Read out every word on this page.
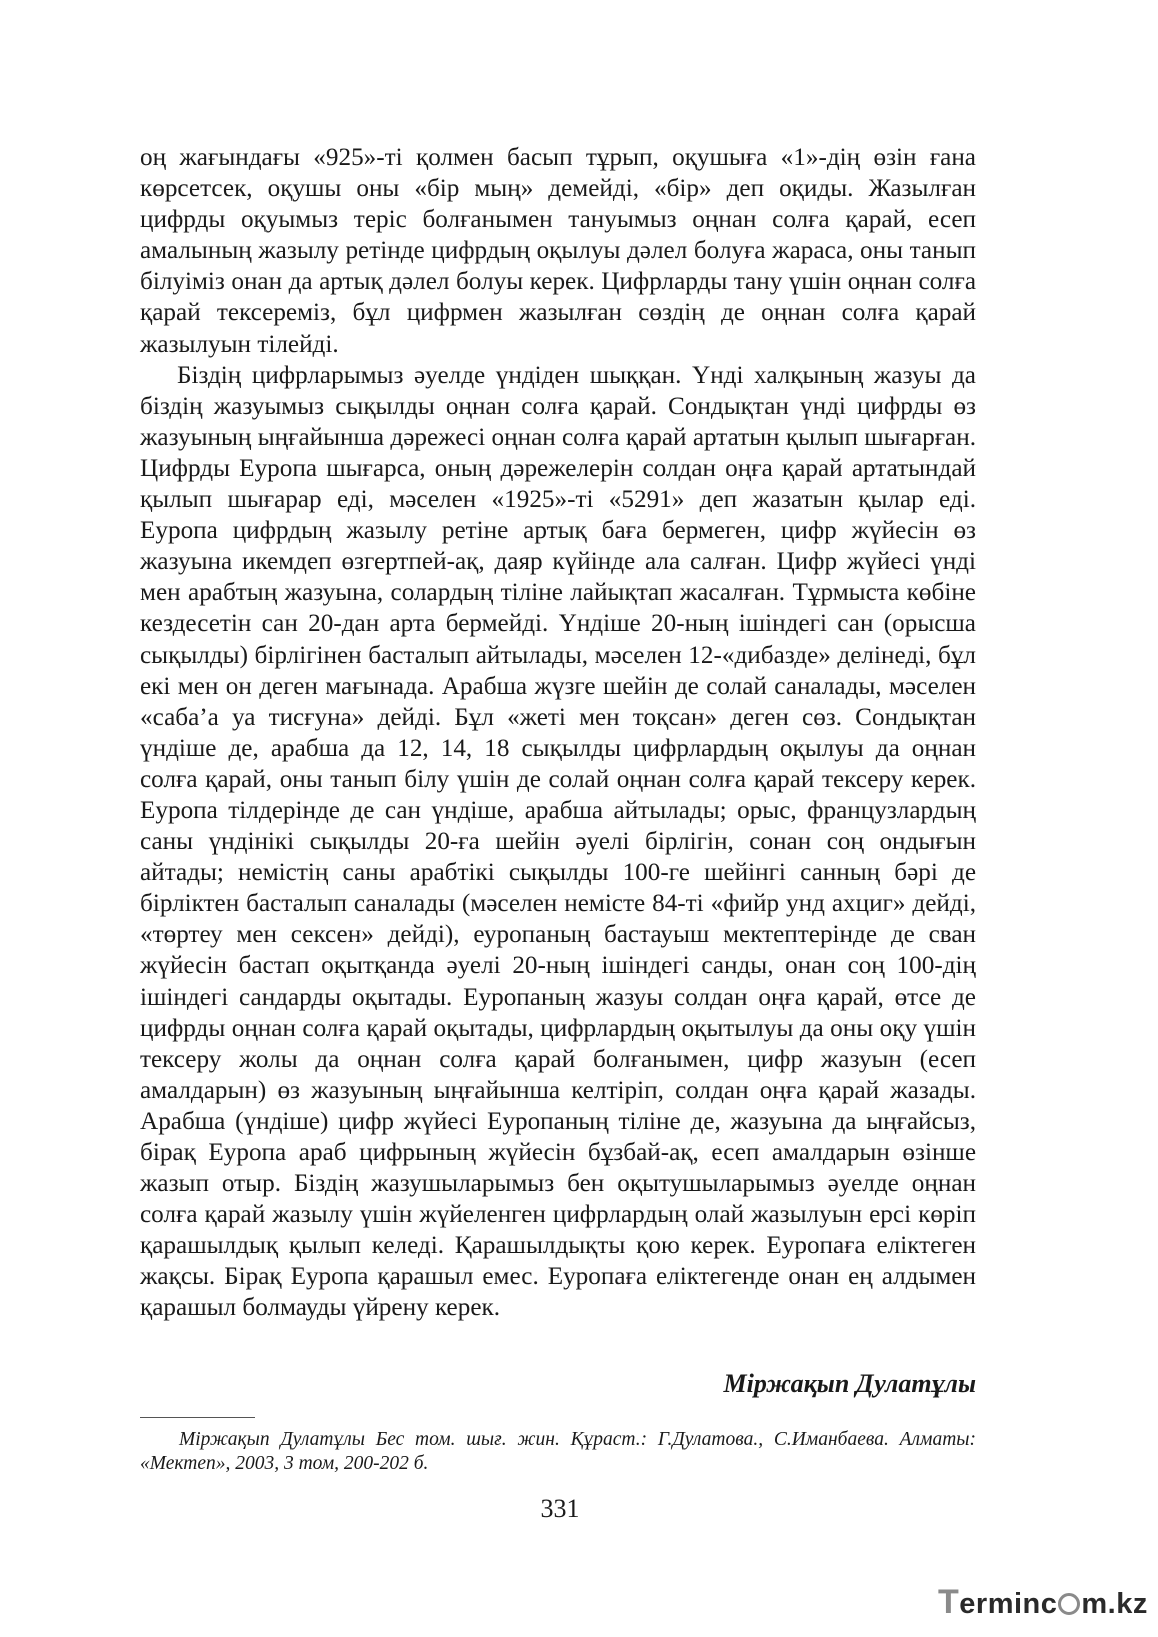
оң жағындағы «925»-ті қолмен басып тұрып, оқушыға «1»-дің өзін ғана көрсетсек, оқушы оны «бір мың» демейді, «бір» деп оқиды. Жазылған цифрды оқуымыз теріс болғанымен тануымыз оңнан солға қарай, есеп амалының жазылу ретінде цифрдың оқылуы дәлел болуға жараса, оны танып білуіміз онан да артық дәлел болуы керек. Цифрларды тану үшін оңнан солға қарай тексереміз, бұл цифрмен жазылған сөздің де оңнан солға қарай жазылуын тілейді.

Біздің цифрларымыз әуелде үндіден шыққан. Үнді халқының жазуы да біздің жазуымыз сықылды оңнан солға қарай. Сондықтан үнді цифрды өз жазуының ыңғайынша дәрежесі оңнан солға қарай артатын қылып шығарған. Цифрды Еуропа шығарса, оның дәрежелерін солдан оңға қарай артатындай қылып шығарар еді, мәселен «1925»-ті «5291» деп жазатын қылар еді. Еуропа цифрдың жазылу ретіне артық баға бермеген, цифр жүйесін өз жазуына икемдеп өзгертпей-ақ, даяр күйінде ала салған. Цифр жүйесі үнді мен арабтың жазуына, солардың тіліне лайықтап жасалған. Тұрмыста көбіне кездесетін сан 20-дан арта бермейді. Үндіше 20-ның ішіндегі сан (орысша сықылды) бірлігінен басталып айтылады, мәселен 12-«дибазде» делінеді, бұл екі мен он деген мағынада. Арабша жүзге шейін де солай саналады, мәселен «саба’а уа тисғуна» дейді. Бұл «жеті мен тоқсан» деген сөз. Сондықтан үндіше де, арабша да 12, 14, 18 сықылды цифрлардың оқылуы да оңнан солға қарай, оны танып білу үшін де солай оңнан солға қарай тексеру керек. Еуропа тілдерінде де сан үндіше, арабша айтылады; орыс, французлардың саны үндінікі сықылды 20-ға шейін әуелі бірлігін, сонан соң ондығын айтады; немістің саны арабтікі сықылды 100-ге шейінгі санның бәрі де бірліктен басталып саналады (мәселен немісте 84-ті «фийр унд ахциг» дейді, «төртеу мен сексен» дейді), еуропаның бастауыш мектептерінде де сван жүйесін бастап оқытқанда әуелі 20-ның ішіндегі санды, онан соң 100-дің ішіндегі сандарды оқытады. Еуропаның жазуы солдан оңға қарай, өтсе де цифрды оңнан солға қарай оқытады, цифрлардың оқытылуы да оны оқу үшін тексеру жолы да оңнан солға қарай болғанымен, цифр жазуын (есеп амалдарын) өз жазуының ыңғайынша келтіріп, солдан оңға қарай жазады. Арабша (үндіше) цифр жүйесі Еуропаның тіліне де, жазуына да ыңғайсыз, бірақ Еуропа араб цифрының жүйесін бұзбай-ақ, есеп амалдарын өзінше жазып отыр. Біздің жазушыларымыз бен оқытушыларымыз әуелде оңнан солға қарай жазылу үшін жүйеленген цифрлардың олай жазылуын ерсі көріп қарашылдық қылып келеді. Қарашылдықты қою керек. Еуропаға еліктеген жақсы. Бірақ Еуропа қарашыл емес. Еуропаға еліктегенде онан ең алдымен қарашыл болмауды үйрену керек.

Міржақып Дулатұлы
Міржақып Дулатұлы Бес том. шығ. жин. Құраст.: Г.Дулатова., С.Иманбаева. Алматы: «Мектеп», 2003, 3 том, 200-202 б.
331
Terminc m.kz
